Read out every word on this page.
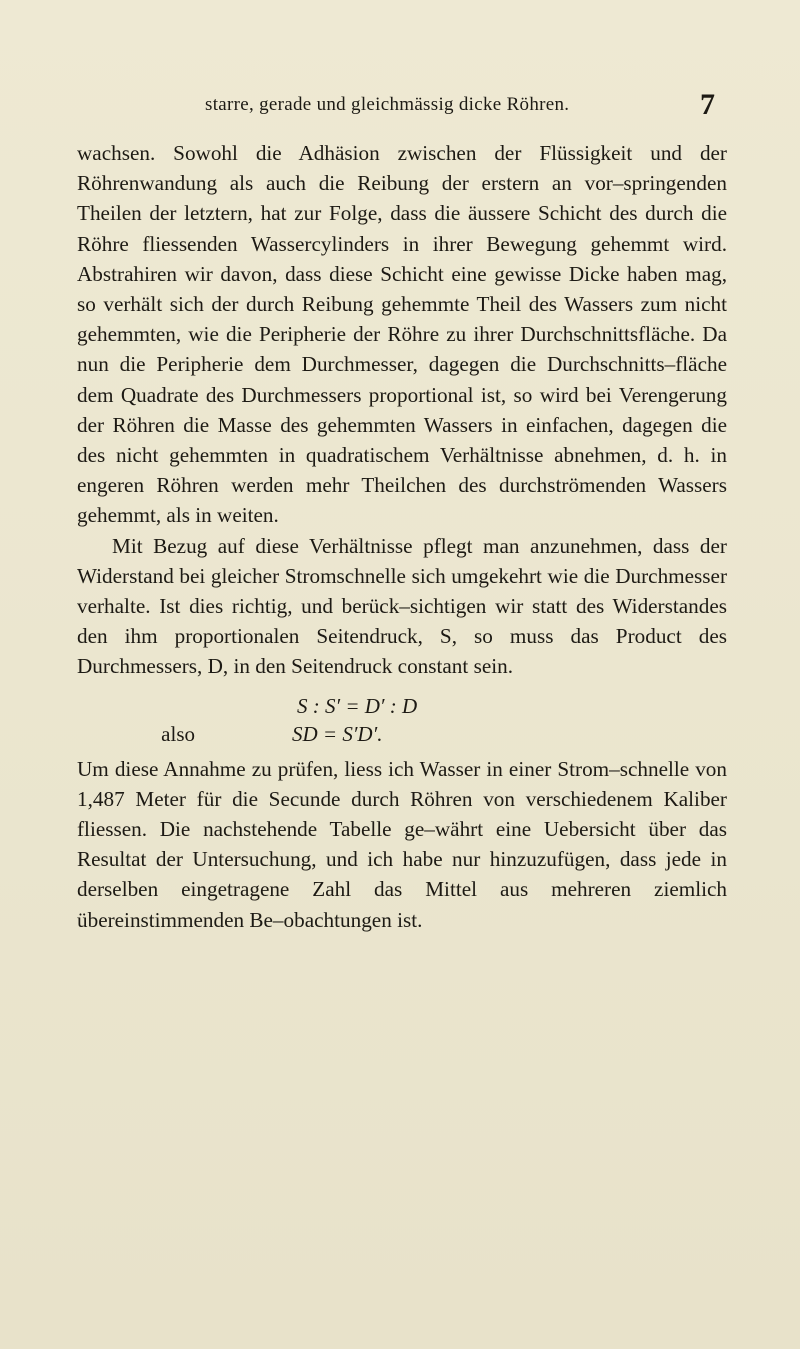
starre, gerade und gleichmässig dicke Röhren.	7

wachsen. Sowohl die Adhäsion zwischen der Flüssigkeit und der Röhrenwandung als auch die Reibung der erstern an vor–springenden Theilen der letztern, hat zur Folge, dass die äussere Schicht des durch die Röhre fliessenden Wassercylinders in ihrer Bewegung gehemmt wird. Abstrahiren wir davon, dass diese Schicht eine gewisse Dicke haben mag, so verhält sich der durch Reibung gehemmte Theil des Wassers zum nicht gehemmten, wie die Peripherie der Röhre zu ihrer Durchschnittsfläche. Da nun die Peripherie dem Durchmesser, dagegen die Durchschnitts–fläche dem Quadrate des Durchmessers proportional ist, so wird bei Verengerung der Röhren die Masse des gehemmten Wassers in einfachen, dagegen die des nicht gehemmten in quadratischem Verhältnisse abnehmen, d. h. in engeren Röhren werden mehr Theilchen des durchströmenden Wassers gehemmt, als in weiten.

Mit Bezug auf diese Verhältnisse pflegt man anzunehmen, dass der Widerstand bei gleicher Stromschnelle sich umgekehrt wie die Durchmesser verhalte. Ist dies richtig, und berück–sichtigen wir statt des Widerstandes den ihm proportionalen Seitendruck, S, so muss das Product des Durchmessers, D, in den Seitendruck constant sein.

S : S′ = D′ : D
also	SD = S′D′.

Um diese Annahme zu prüfen, liess ich Wasser in einer Strom–schnelle von 1,487 Meter für die Secunde durch Röhren von verschiedenem Kaliber fliessen. Die nachstehende Tabelle ge–währt eine Uebersicht über das Resultat der Untersuchung, und ich habe nur hinzuzufügen, dass jede in derselben eingetragene Zahl das Mittel aus mehreren ziemlich übereinstimmenden Be–obachtungen ist.
